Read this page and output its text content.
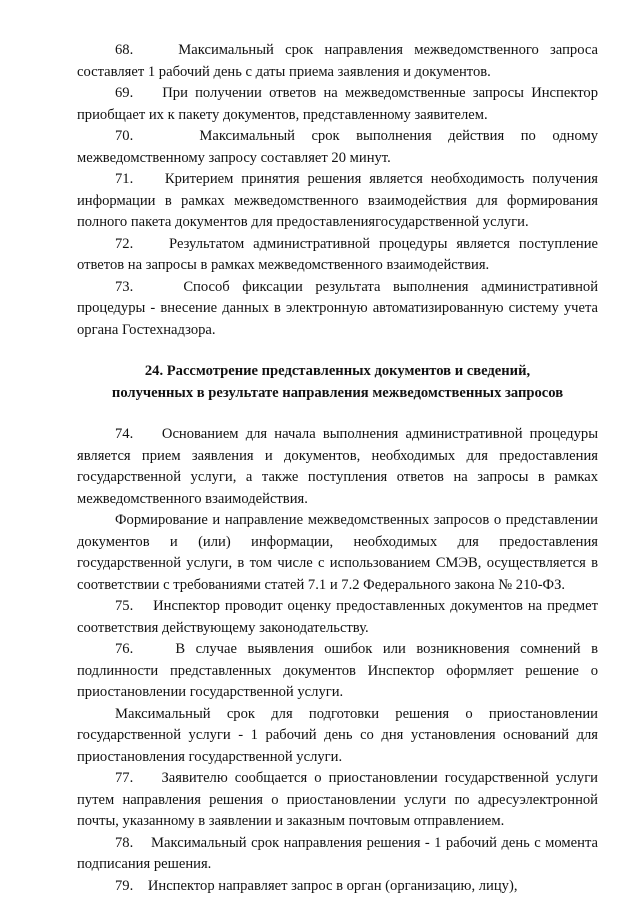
68.	Максимальный срок направления межведомственного запроса составляет 1 рабочий день с даты приема заявления и документов.

69. При получении ответов на межведомственные запросы Инспектор приобщает их к пакету документов, представленному заявителем.

70.	Максимальный срок выполнения действия по одному межведомственному запросу составляет 20 минут.

71. Критерием принятия решения является необходимость получения информации в рамках межведомственного взаимодействия для формирования полного пакета документов для предоставлениягосударственной услуги.

72. Результатом административной процедуры является поступление ответов на запросы в рамках межведомственного взаимодействия.

73.	Способ фиксации результата выполнения административной процедуры - внесение данных в электронную автоматизированную систему учета органа Гостехнадзора.

24. Рассмотрение представленных документов и сведений,
полученных в результате направления межведомственных запросов

74. Основанием для начала выполнения административной процедуры является прием заявления и документов, необходимых для предоставления государственной услуги, а также поступления ответов на запросы в рамках межведомственного взаимодействия.

Формирование и направление межведомственных запросов о представлении документов и (или) информации, необходимых для предоставления государственной услуги, в том числе с использованием СМЭВ, осуществляется в соответствии с требованиями статей 7.1 и 7.2 Федерального закона № 210-ФЗ.

75. Инспектор проводит оценку предоставленных документов на предмет соответствия действующему законодательству.

76.	В случае выявления ошибок или возникновения сомнений в подлинности представленных документов Инспектор оформляет решение о приостановлении государственной услуги.

Максимальный срок для подготовки решения о приостановлении государственной услуги - 1 рабочий день со дня установления оснований для приостановления государственной услуги.

77. Заявителю сообщается о приостановлении государственной услуги путем направления решения о приостановлении услуги по адресуэлектронной почты, указанному в заявлении и заказным почтовым отправлением.

78. Максимальный срок направления решения - 1 рабочий день с момента подписания решения.

79. Инспектор направляет запрос в орган (организацию, лицу),
